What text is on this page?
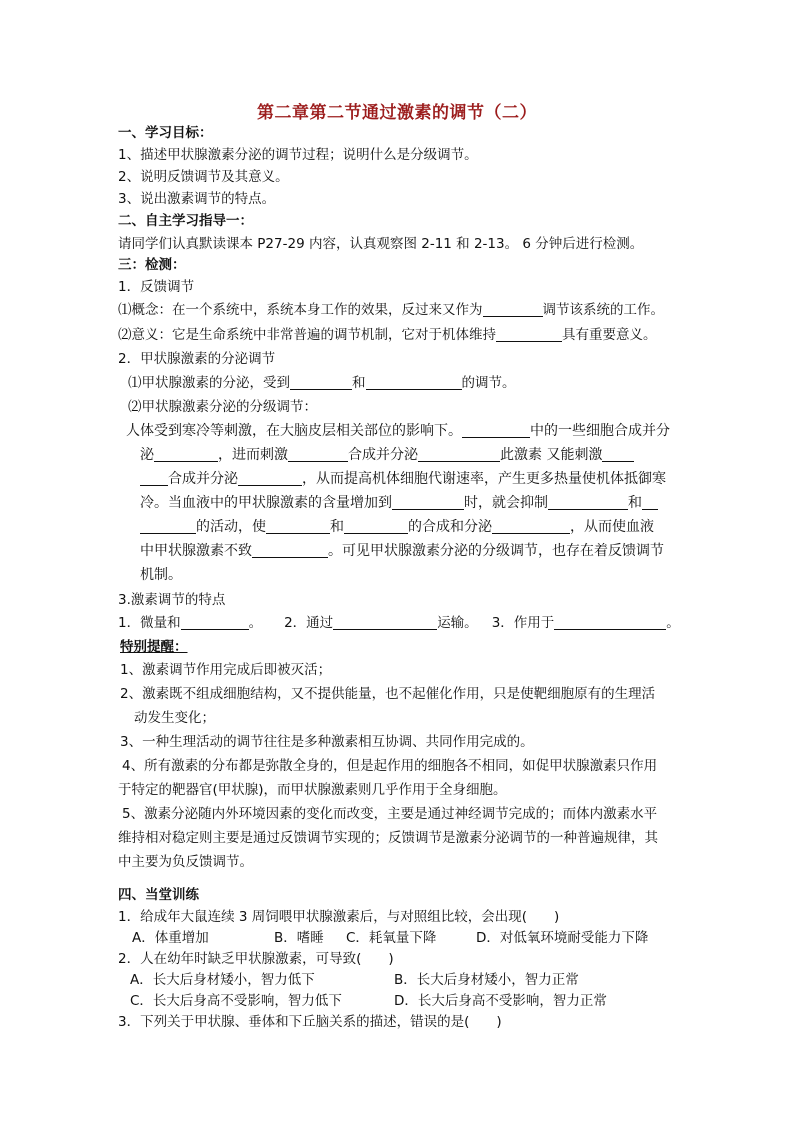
第二章第二节通过激素的调节（二）
一、学习目标：
1、描述甲状腺激素分泌的调节过程；说明什么是分级调节。
2、说明反馈调节及其意义。
3、说出激素调节的特点。
二、自主学习指导一：
请同学们认真默读课本 P27-29 内容，认真观察图 2-11 和 2-13。 6 分钟后进行检测。
三：检测：
1．反馈调节
⑴概念：在一个系统中，系统本身工作的效果，反过来又作为	调节该系统的工作。
⑵意义：它是生命系统中非常普遍的调节机制，它对于机体维持	具有重要意义。
2．甲状腺激素的分泌调节
⑴甲状腺激素的分泌，受到	和	的调节。
⑵甲状腺激素分泌的分级调节：
人体受到寒冷等刺激，在大脑皮层相关部位的影响下。	中的一些细胞合成并分
泌	，进而刺激	合成并分泌	此激素 又能刺激
合成并分泌	，从而提高机体细胞代谢速率，产生更多热量使机体抵御寒
冷。当血液中的甲状腺激素的含量增加到	时，就会抑制	和
的活动，使	和	的合成和分泌	，从而使血液
中甲状腺激素不致	。可见甲状腺激素分泌的分级调节，也存在着反馈调节
机制。
3.激素调节的特点
1．微量和	。 2．通过	运输。 3．作用于	。
特别提醒：
1、激素调节作用完成后即被灭活；
2、激素既不组成细胞结构，又不提供能量，也不起催化作用，只是使靶细胞原有的生理活
动发生变化；
3、一种生理活动的调节往往是多种激素相互协调、共同作用完成的。
4、所有激素的分布都是弥散全身的，但是起作用的细胞各不相同，如促甲状腺激素只作用
于特定的靶器官(甲状腺)，而甲状腺激素则几乎作用于全身细胞。
5、激素分泌随内外环境因素的变化而改变，主要是通过神经调节完成的；而体内激素水平
维持相对稳定则主要是通过反馈调节实现的；反馈调节是激素分泌调节的一种普遍规律，其
中主要为负反馈调节。
四、当堂训练
1．给成年大鼠连续 3 周饲喂甲状腺激素后，与对照组比较，会出现(　　)
A．体重增加	B．嗜睡 C．耗氧量下降	D．对低氧环境耐受能力下降
2．人在幼年时缺乏甲状腺激素，可导致(　　)
A．长大后身材矮小，智力低下	B．长大后身材矮小，智力正常
C．长大后身高不受影响，智力低下	D．长大后身高不受影响，智力正常
3．下列关于甲状腺、垂体和下丘脑关系的描述，错误的是(　　)
